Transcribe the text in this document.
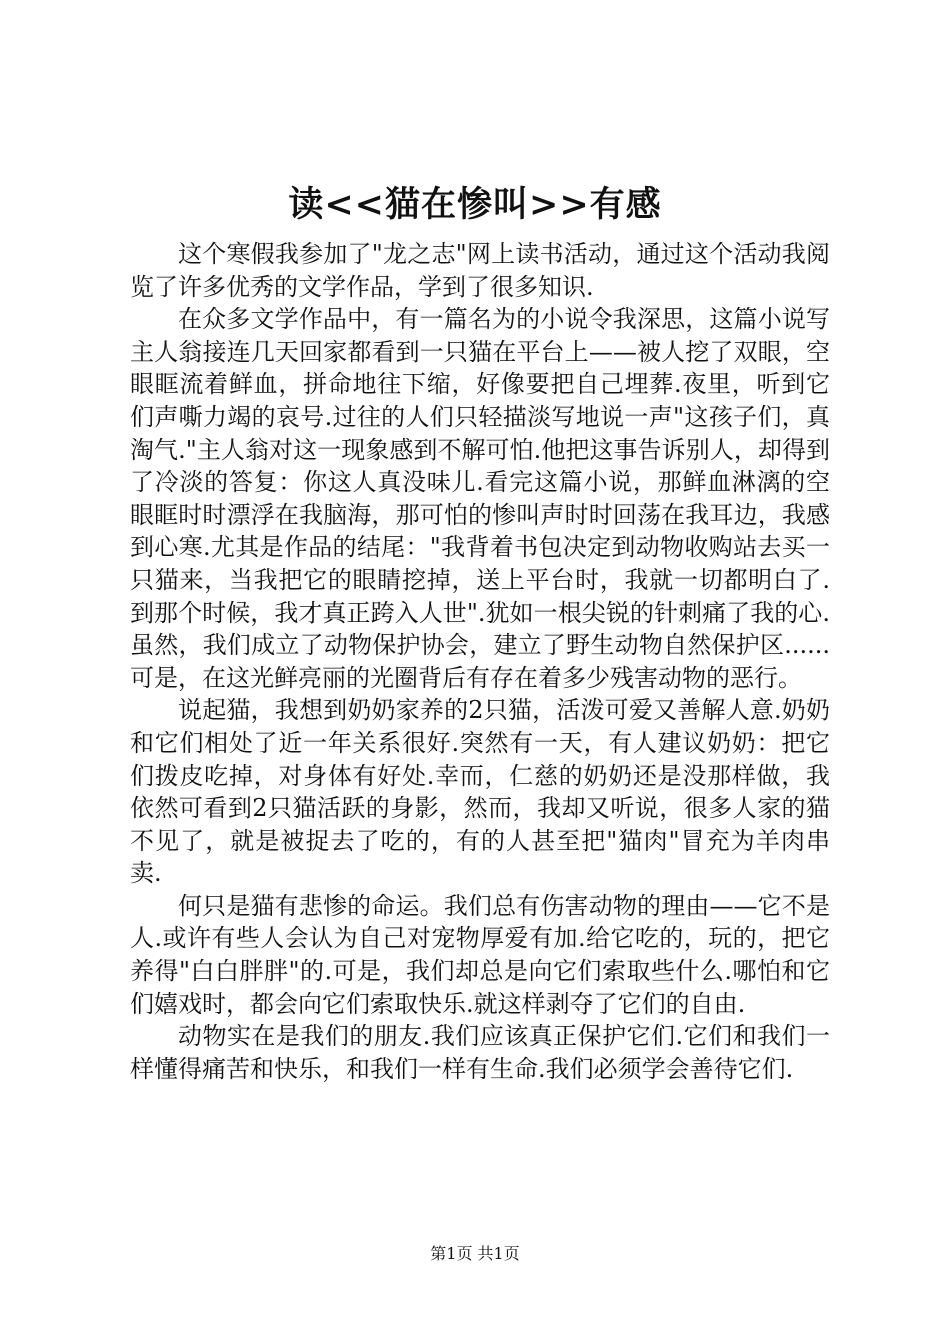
读<<猫在惨叫>>有感

这个寒假我参加了"龙之志"网上读书活动，通过这个活动我阅览了许多优秀的文学作品，学到了很多知识.

在众多文学作品中，有一篇名为的小说令我深思，这篇小说写主人翁接连几天回家都看到一只猫在平台上——被人挖了双眼，空眼眶流着鲜血，拼命地往下缩，好像要把自己埋葬.夜里，听到它们声嘶力竭的哀号.过往的人们只轻描淡写地说一声"这孩子们，真淘气."主人翁对这一现象感到不解可怕.他把这事告诉别人，却得到了冷淡的答复：你这人真没味儿.看完这篇小说，那鲜血淋漓的空眼眶时时漂浮在我脑海，那可怕的惨叫声时时回荡在我耳边，我感到心寒.尤其是作品的结尾："我背着书包决定到动物收购站去买一只猫来，当我把它的眼睛挖掉，送上平台时，我就一切都明白了.到那个时候，我才真正跨入人世".犹如一根尖锐的针刺痛了我的心.虽然，我们成立了动物保护协会，建立了野生动物自然保护区......可是，在这光鲜亮丽的光圈背后有存在着多少残害动物的恶行。

说起猫，我想到奶奶家养的2只猫，活泼可爱又善解人意.奶奶和它们相处了近一年关系很好.突然有一天，有人建议奶奶：把它们拨皮吃掉，对身体有好处.幸而，仁慈的奶奶还是没那样做，我依然可看到2只猫活跃的身影，然而，我却又听说，很多人家的猫不见了，就是被捉去了吃的，有的人甚至把"猫肉"冒充为羊肉串卖.

何只是猫有悲惨的命运。我们总有伤害动物的理由——它不是人.或许有些人会认为自己对宠物厚爱有加.给它吃的，玩的，把它养得"白白胖胖"的.可是，我们却总是向它们索取些什么.哪怕和它们嬉戏时，都会向它们索取快乐.就这样剥夺了它们的自由.

动物实在是我们的朋友.我们应该真正保护它们.它们和我们一样懂得痛苦和快乐，和我们一样有生命.我们必须学会善待它们.

第1页 共1页
